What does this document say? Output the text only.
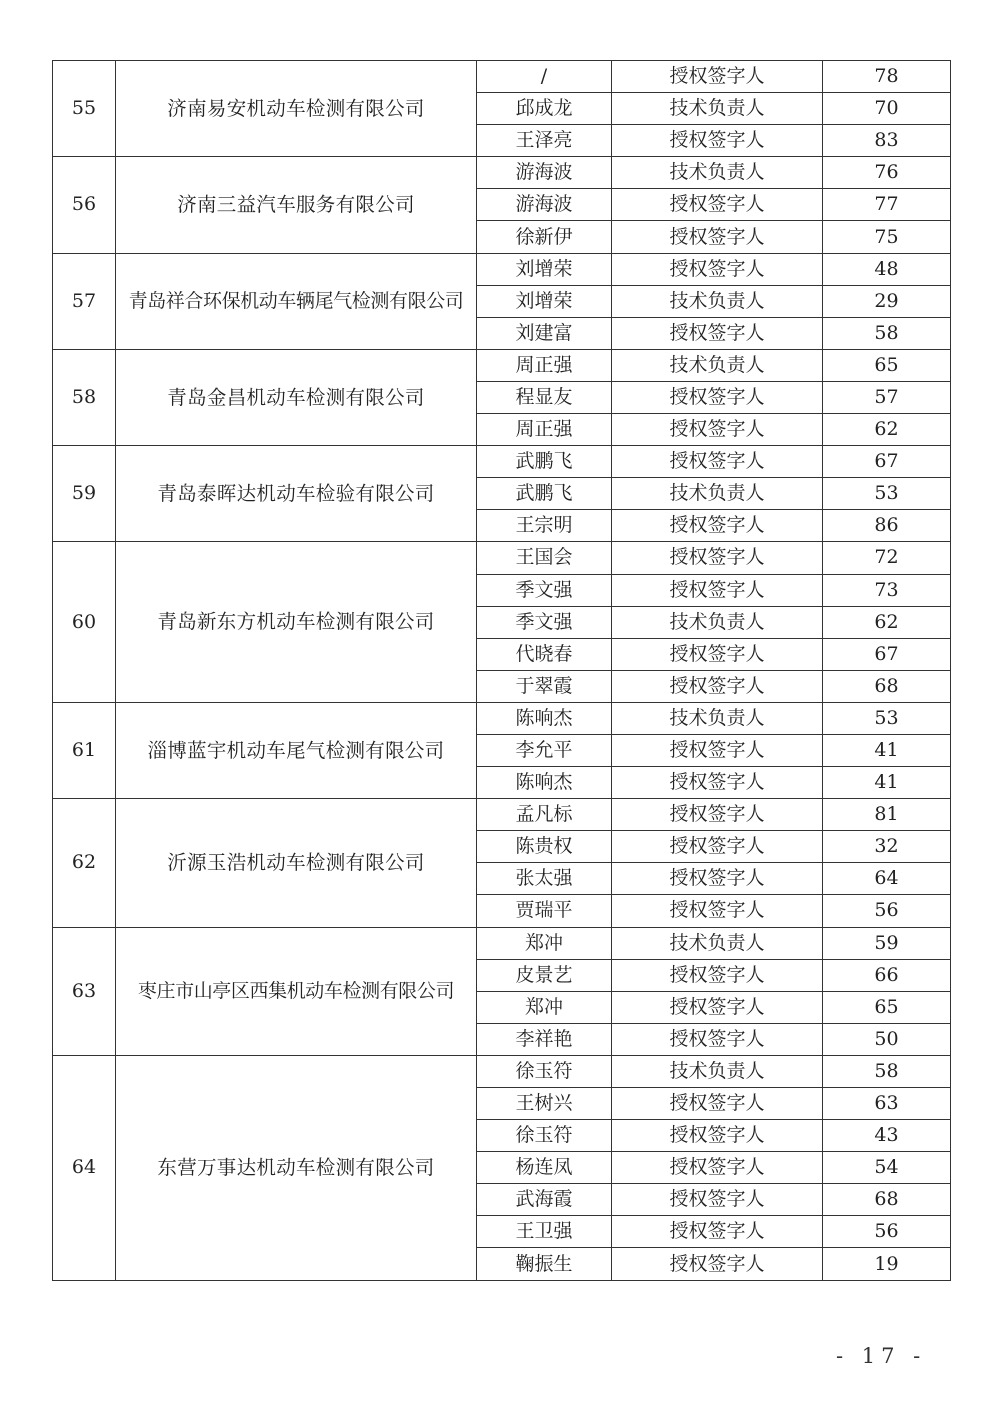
55	济南易安机动车检测有限公司	/	授权签字人	78
		邱成龙	技术负责人	70
		王泽亮	授权签字人	83
56	济南三益汽车服务有限公司	游海波	技术负责人	76
		游海波	授权签字人	77
		徐新伊	授权签字人	75
57	青岛祥合环保机动车辆尾气检测有限公司	刘增荣	授权签字人	48
		刘增荣	技术负责人	29
		刘建富	授权签字人	58
58	青岛金昌机动车检测有限公司	周正强	技术负责人	65
		程显友	授权签字人	57
		周正强	授权签字人	62
59	青岛泰晖达机动车检验有限公司	武鹏飞	授权签字人	67
		武鹏飞	技术负责人	53
		王宗明	授权签字人	86
60	青岛新东方机动车检测有限公司	王国会	授权签字人	72
		季文强	授权签字人	73
		季文强	技术负责人	62
		代晓春	授权签字人	67
		于翠霞	授权签字人	68
61	淄博蓝宇机动车尾气检测有限公司	陈响杰	技术负责人	53
		李允平	授权签字人	41
		陈响杰	授权签字人	41
62	沂源玉浩机动车检测有限公司	孟凡标	授权签字人	81
		陈贵权	授权签字人	32
		张太强	授权签字人	64
		贾瑞平	授权签字人	56
63	枣庄市山亭区西集机动车检测有限公司	郑冲	技术负责人	59
		皮景艺	授权签字人	66
		郑冲	授权签字人	65
		李祥艳	授权签字人	50
64	东营万事达机动车检测有限公司	徐玉符	技术负责人	58
		王树兴	授权签字人	63
		徐玉符	授权签字人	43
		杨连凤	授权签字人	54
		武海霞	授权签字人	68
		王卫强	授权签字人	56
		鞠振生	授权签字人	19
- 17 -
